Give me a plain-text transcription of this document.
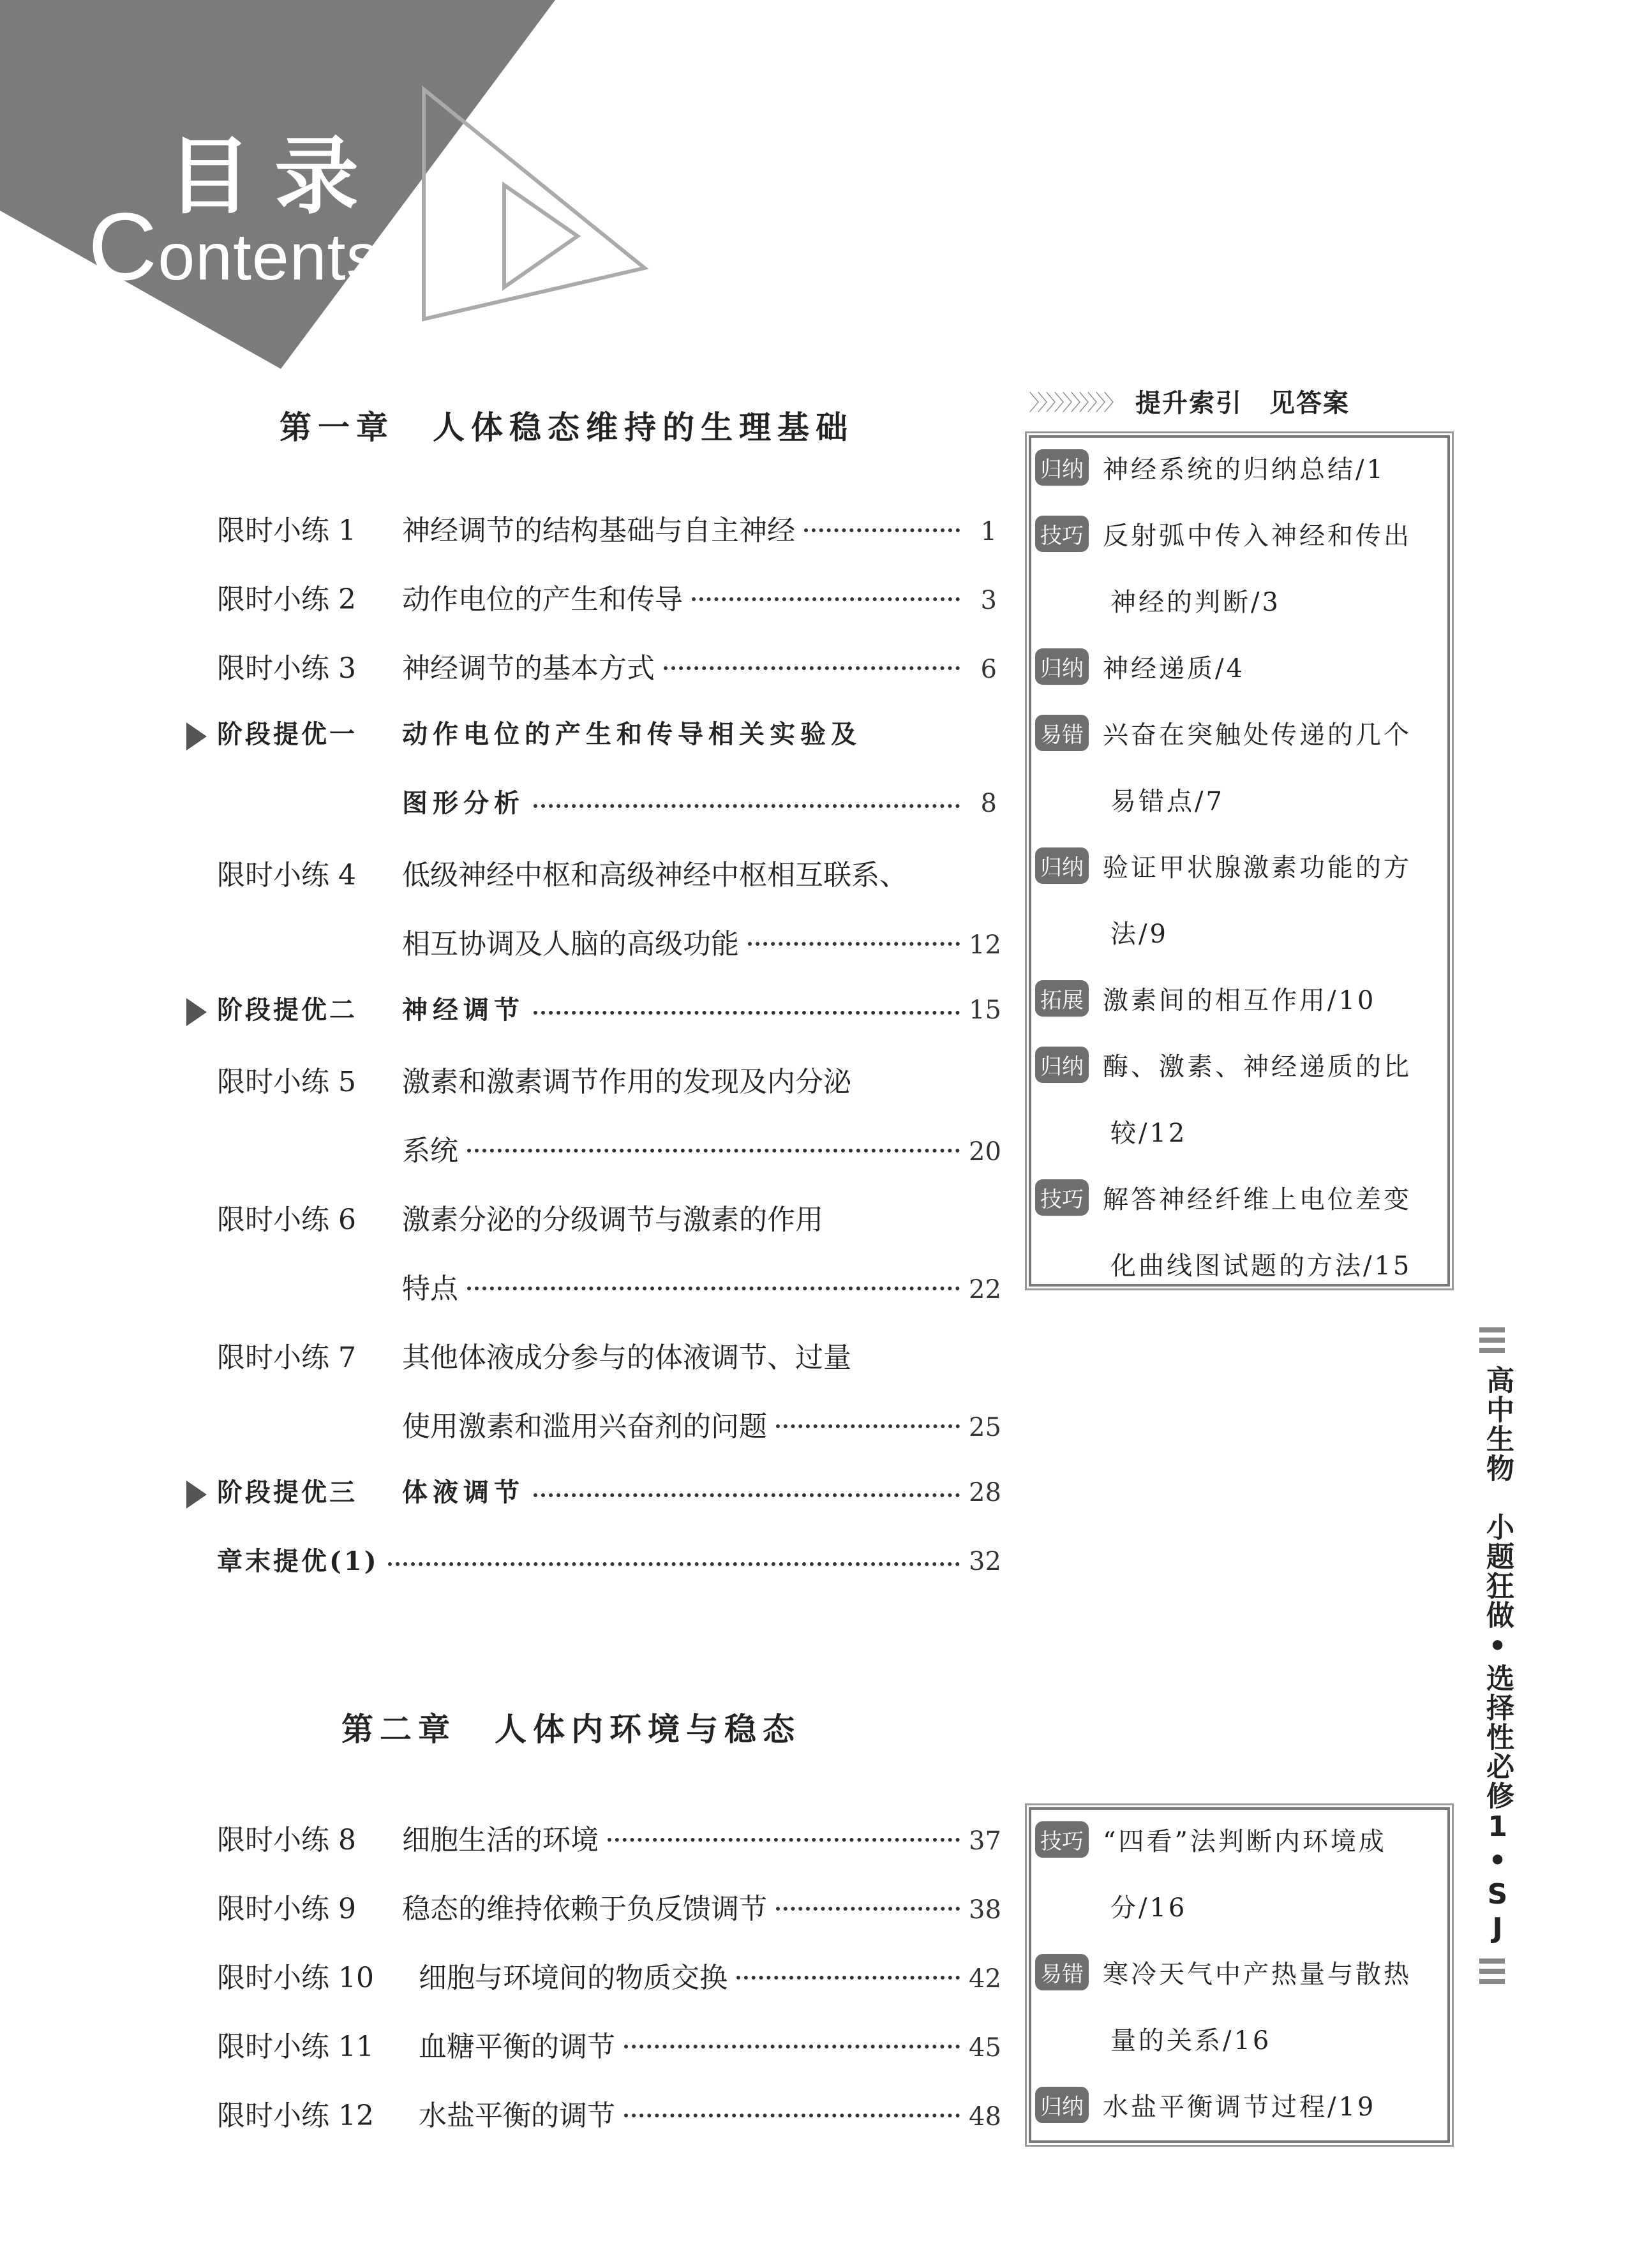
目录
Contents
第一章 人体稳态维持的生理基础
限时小练 1	神经调节的结构基础与自主神经	1
限时小练 2	动作电位的产生和传导	3
限时小练 3	神经调节的基本方式	6
阶段提优一	动作电位的产生和传导相关实验及
图形分析	8
限时小练 4	低级神经中枢和高级神经中枢相互联系、
相互协调及人脑的高级功能	12
阶段提优二	神经调节	15
限时小练 5	激素和激素调节作用的发现及内分泌
系统	20
限时小练 6	激素分泌的分级调节与激素的作用
特点	22
限时小练 7	其他体液成分参与的体液调节、过量
使用激素和滥用兴奋剂的问题	25
阶段提优三	体液调节	28
章末提优(1)	32
〉〉〉〉〉〉〉〉〉〉 提升索引　见答案
归纳 神经系统的归纳总结/1
技巧 反射弧中传入神经和传出
神经的判断/3
归纳 神经递质/4
易错 兴奋在突触处传递的几个
易错点/7
归纳 验证甲状腺激素功能的方
法/9
拓展 激素间的相互作用/10
归纳 酶、激素、神经递质的比
较/12
技巧 解答神经纤维上电位差变
化曲线图试题的方法/15
第二章 人体内环境与稳态
限时小练 8	细胞生活的环境	37
限时小练 9	稳态的维持依赖于负反馈调节	38
限时小练 10	细胞与环境间的物质交换	42
限时小练 11	血糖平衡的调节	45
限时小练 12	水盐平衡的调节	48
技巧 “四看”法判断内环境成
分/16
易错 寒冷天气中产热量与散热
量的关系/16
归纳 水盐平衡调节过程/19
高中生物　小题狂做•选择性必修1•SJ
